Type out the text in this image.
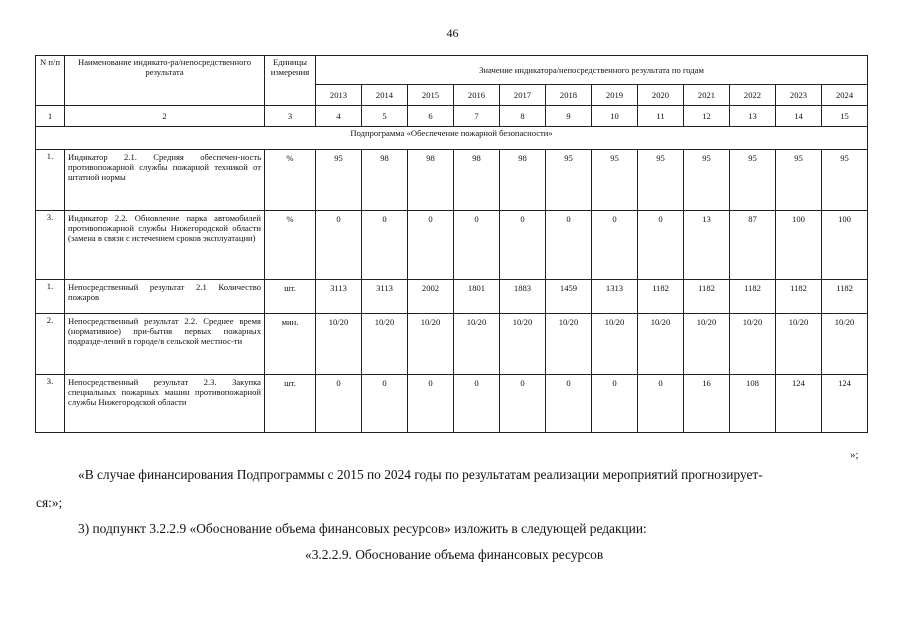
46
N п/п	Наименование индикато-ра/непосредственного результата	Единицы измерения	Значение индикатора/непосредственного результата по годам											
			2013	2014	2015	2016	2017	2018	2019	2020	2021	2022	2023	2024
1	2	3	4	5	6	7	8	9	10	11	12	13	14	15
Подпрограмма «Обеспечение пожарной безопасности»														
1.	Индикатор 2.1. Средняя обеспечен-ность противопожарной службы пожарной техникой от штатной нормы	%	95	98	98	98	98	95	95	95	95	95	95	95
3.	Индикатор 2.2. Обновление парка автомобилей противопожарной службы Нижегородской области (замена в связи с истечением сроков эксплуатации)	%	0	0	0	0	0	0	0	0	13	87	100	100
1.	Непосредственный результат 2.1 Количество пожаров	шт.	3113	3113	2002	1801	1883	1459	1313	1182	1182	1182	1182	1182
2.	Непосредственный результат 2.2. Среднее время (нормативное) при-бытия первых пожарных подразде-лений в городе/в сельской местнос-ти	мин.	10/20	10/20	10/20	10/20	10/20	10/20	10/20	10/20	10/20	10/20	10/20	10/20
3.	Непосредственный результат 2.3. Закупка специальных пожарных машин противопожарной службы Нижегородской области	шт.	0	0	0	0	0	0	0	0	16	108	124	124
»;
«В случае финансирования Подпрограммы с 2015 по 2024 годы по результатам реализации мероприятий прогнозирует-
ся:»;
3) подпункт 3.2.2.9 «Обоснование объема финансовых ресурсов» изложить в следующей редакции:
«3.2.2.9. Обоснование объема финансовых ресурсов
